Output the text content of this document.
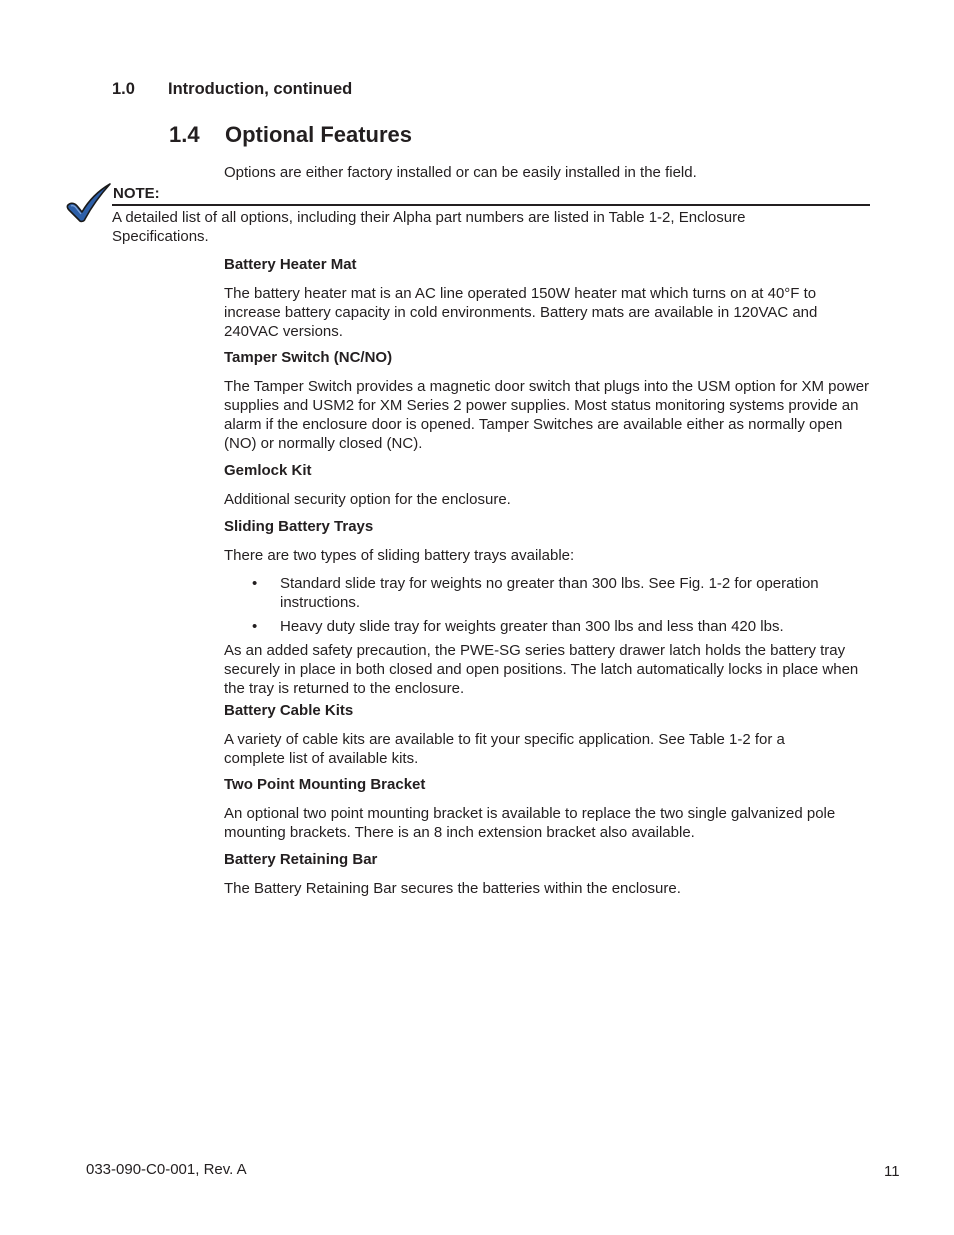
1.0 Introduction, continued
1.4 Optional Features
Options are either factory installed or can be easily installed in the field.
NOTE:
A detailed list of all options, including their Alpha part numbers are listed in Table 1-2, Enclosure Specifications.
Battery Heater Mat
The battery heater mat is an AC line operated 150W heater mat which turns on at 40°F to increase battery capacity in cold environments. Battery mats are available in 120VAC and 240VAC versions.
Tamper Switch (NC/NO)
The Tamper Switch provides a magnetic door switch that plugs into the USM option for XM power supplies and USM2 for XM Series 2 power supplies. Most status monitoring systems provide an alarm if the enclosure door is opened. Tamper Switches are available either as normally open (NO) or normally closed (NC).
Gemlock Kit
Additional security option for the enclosure.
Sliding Battery Trays
There are two types of sliding battery trays available:
• Standard slide tray for weights no greater than 300 lbs. See Fig. 1-2 for operation instructions.
• Heavy duty slide tray for weights greater than 300 lbs and less than 420 lbs.
As an added safety precaution, the PWE-SG series battery drawer latch holds the battery tray securely in place in both closed and open positions. The latch automatically locks in place when the tray is returned to the enclosure.
Battery Cable Kits
A variety of cable kits are available to fit your specific application. See Table 1-2 for a complete list of available kits.
Two Point Mounting Bracket
An optional two point mounting bracket is available to replace the two single galvanized pole mounting brackets. There is an 8 inch extension bracket also available.
Battery Retaining Bar
The Battery Retaining Bar secures the batteries within the enclosure.
033-090-C0-001, Rev. A	11
